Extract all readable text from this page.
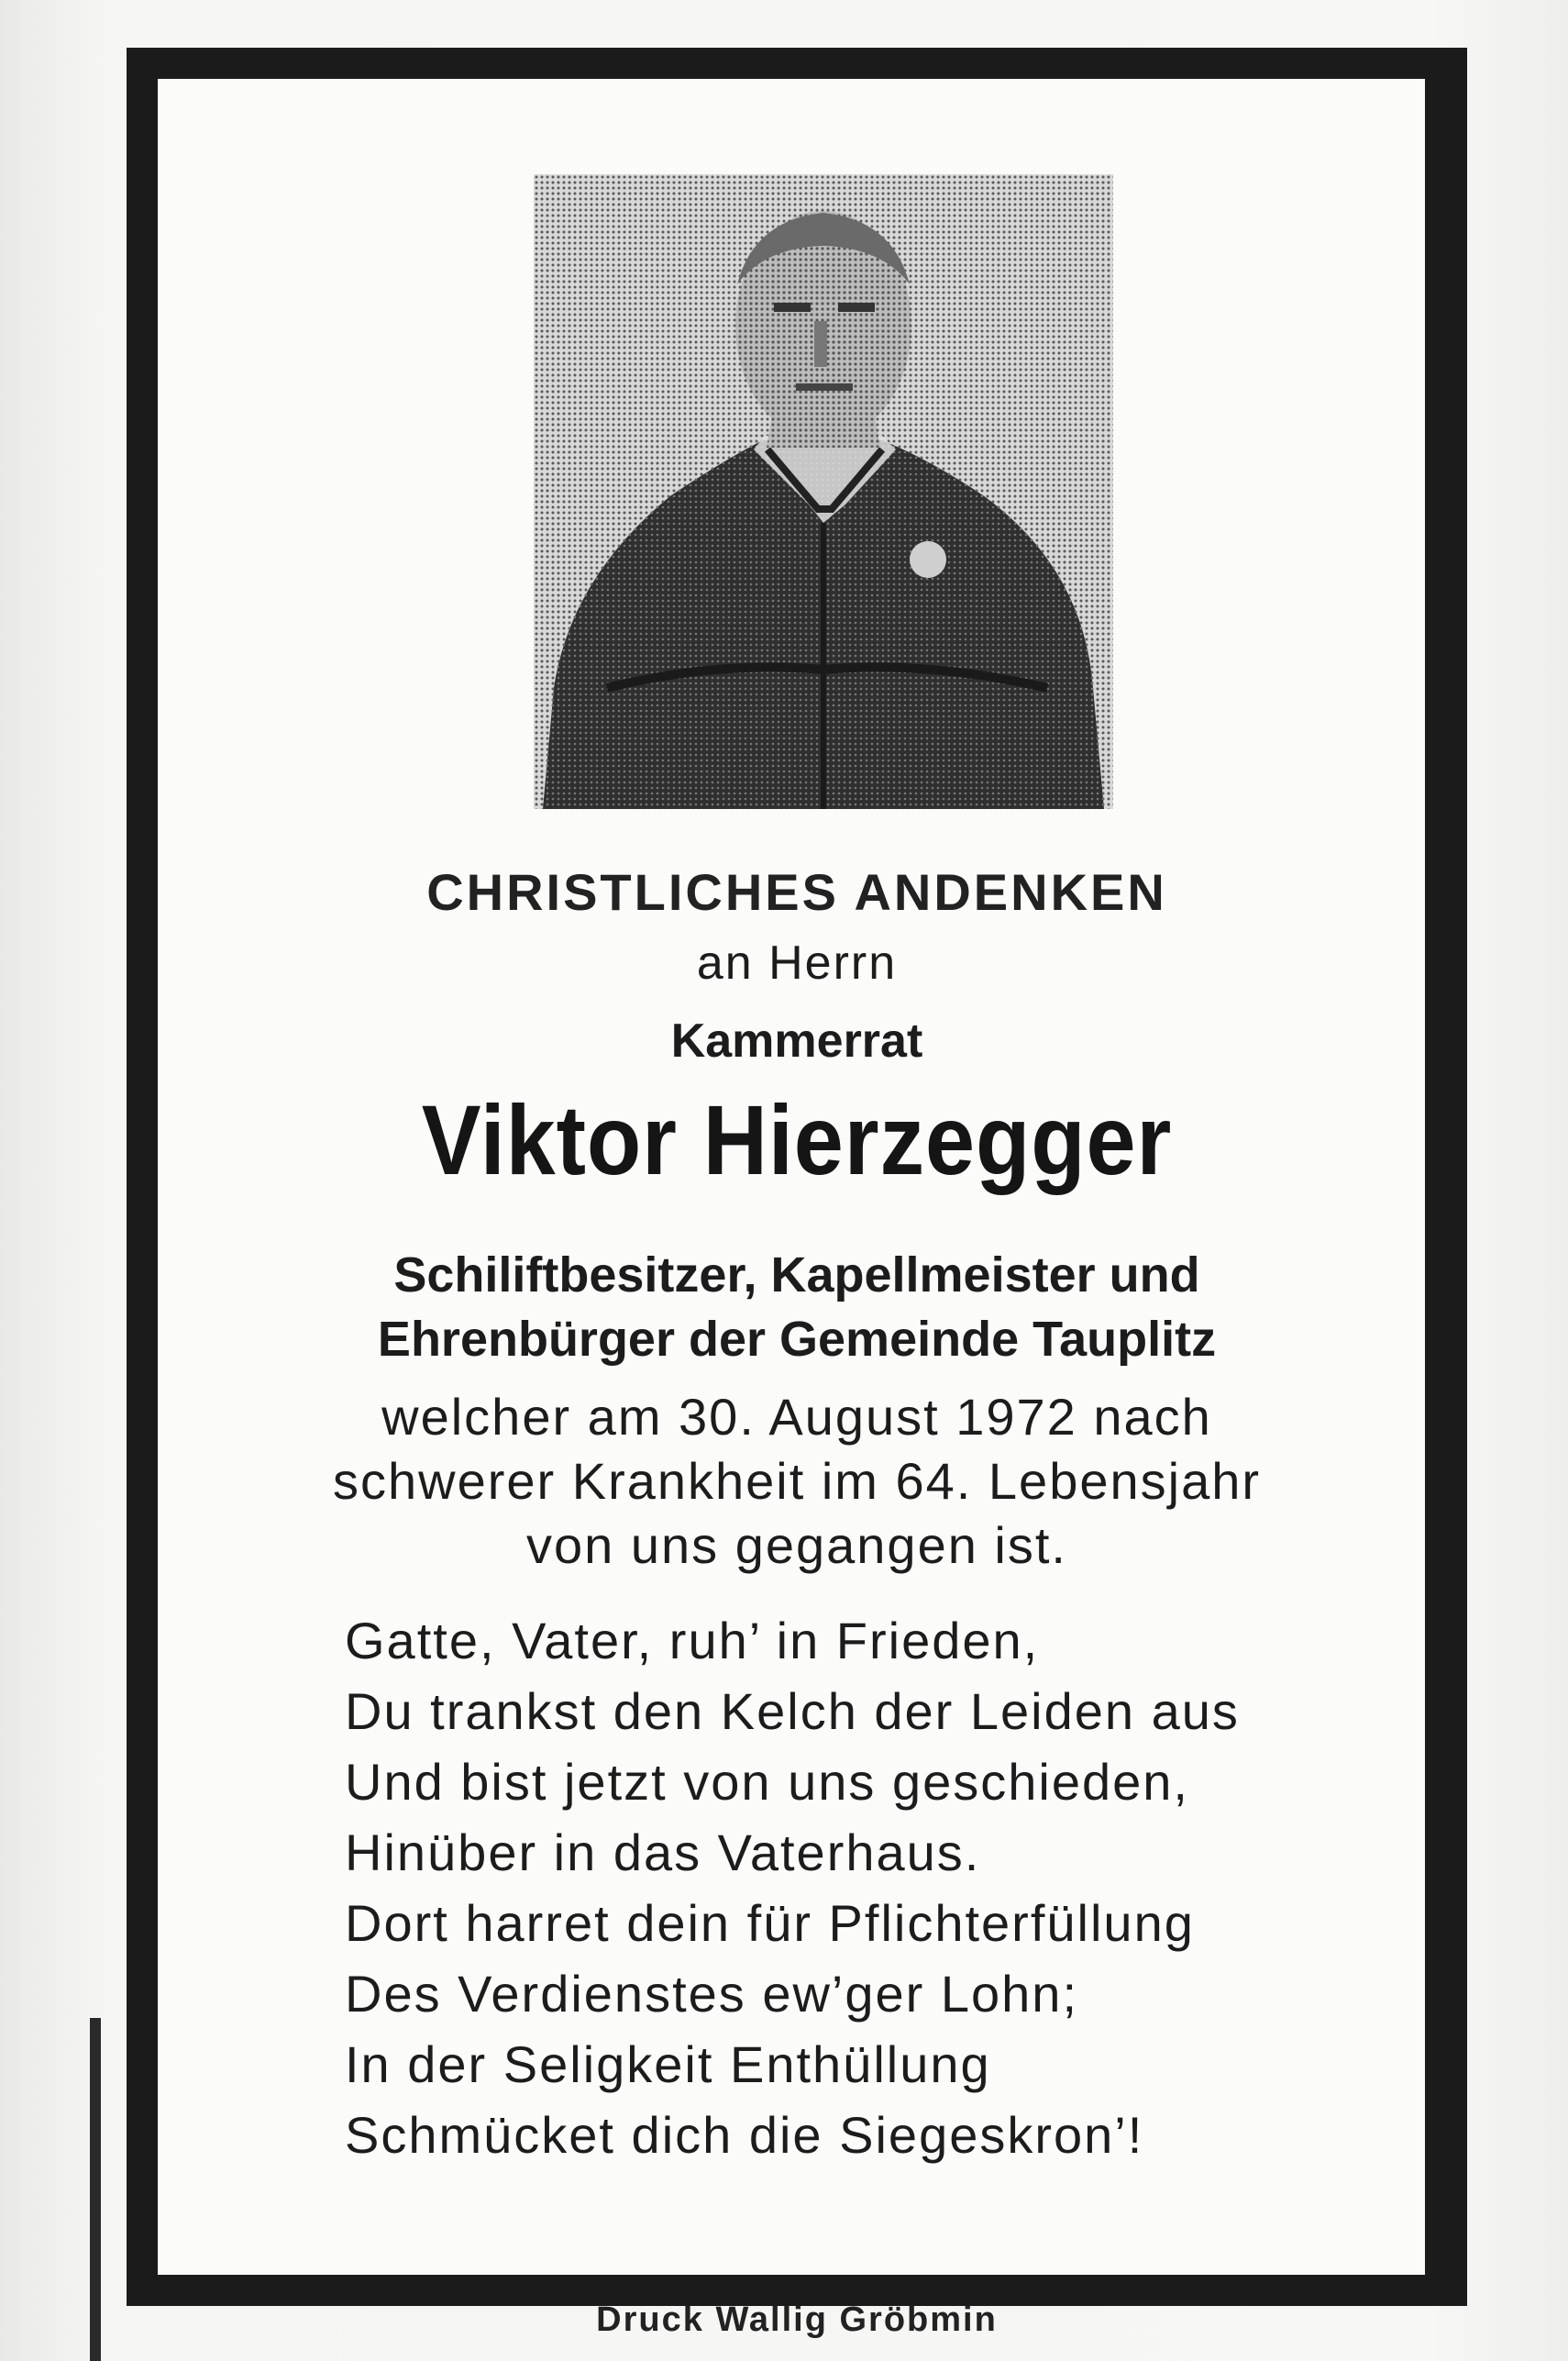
CHRISTLICHES ANDENKEN

an Herrn

Kammerrat

Viktor Hierzegger

Schiliftbesitzer, Kapellmeister und
Ehrenbürger der Gemeinde Tauplitz
welcher am 30. August 1972 nach
schwerer Krankheit im 64. Lebensjahr
von uns gegangen ist.
Gatte, Vater, ruh’ in Frieden,
Du trankst den Kelch der Leiden aus
Und bist jetzt von uns geschieden,
Hinüber in das Vaterhaus.
Dort harret dein für Pflichterfüllung
Des Verdienstes ew’ger Lohn;
In der Seligkeit Enthüllung
Schmücket dich die Siegeskron’!
Druck Wallig Gröbmin
